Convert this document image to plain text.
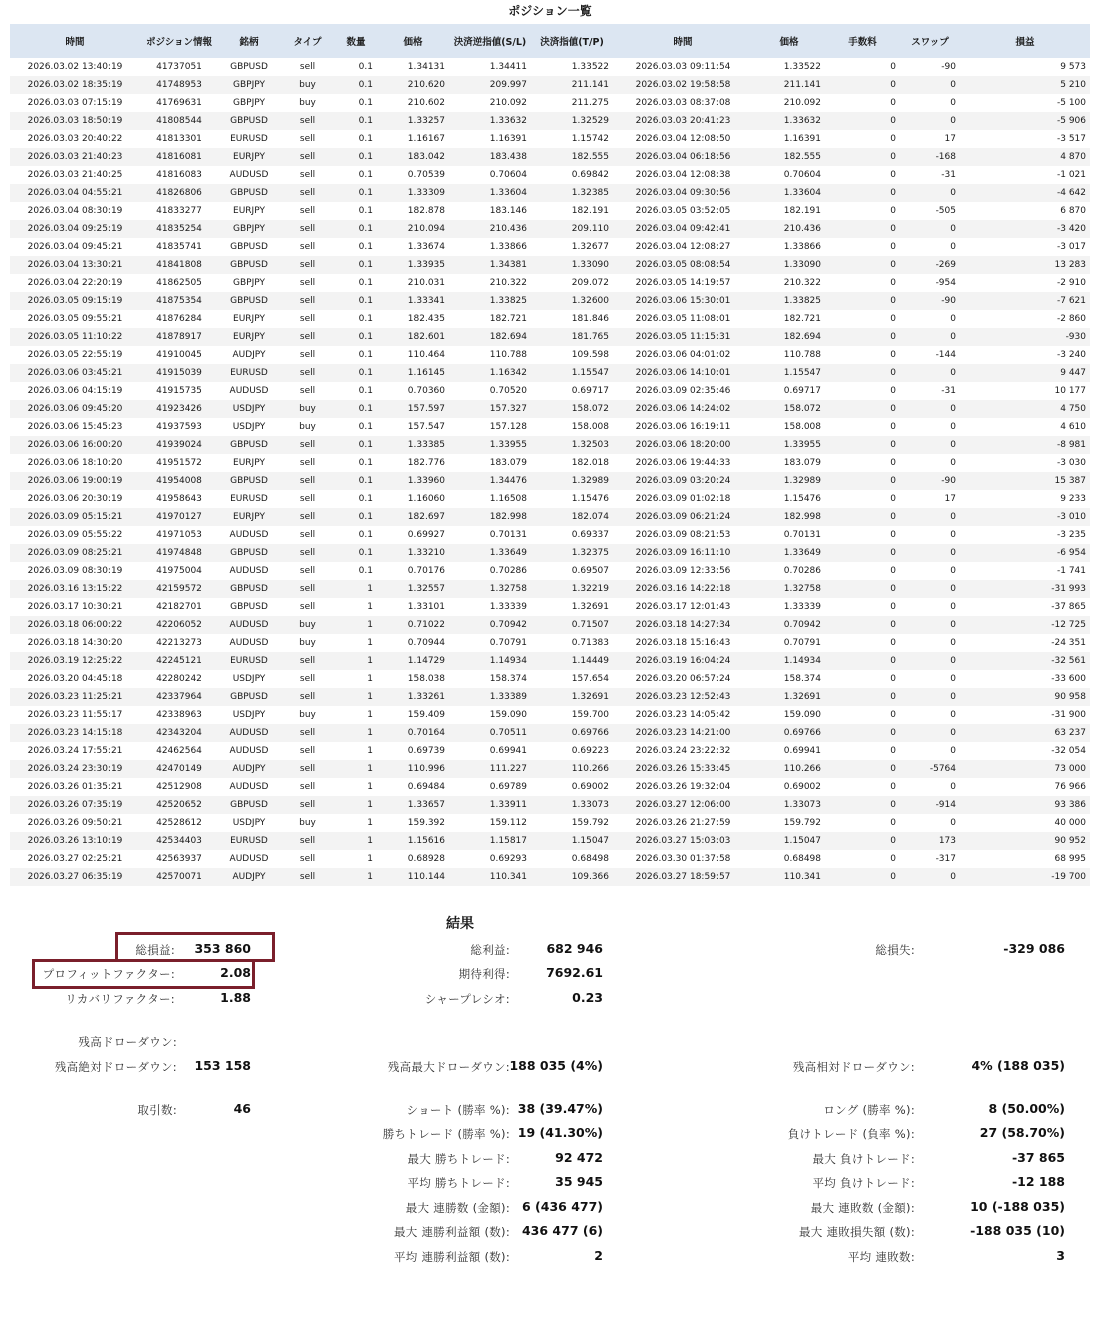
ポジション一覧
時間	ポジション情報	銘柄	タイプ	数量	価格	決済逆指値(S/L)	決済指値(T/P)	時間	価格	手数料	スワップ	損益
2026.03.02 13:40:19	41737051	GBPUSD	sell	0.1	1.34131	1.34411	1.33522	2026.03.03 09:11:54	1.33522	0	-90	9 573
2026.03.02 18:35:19	41748953	GBPJPY	buy	0.1	210.620	209.997	211.141	2026.03.02 19:58:58	211.141	0	0	5 210
2026.03.03 07:15:19	41769631	GBPJPY	buy	0.1	210.602	210.092	211.275	2026.03.03 08:37:08	210.092	0	0	-5 100
2026.03.03 18:50:19	41808544	GBPUSD	sell	0.1	1.33257	1.33632	1.32529	2026.03.03 20:41:23	1.33632	0	0	-5 906
2026.03.03 20:40:22	41813301	EURUSD	sell	0.1	1.16167	1.16391	1.15742	2026.03.04 12:08:50	1.16391	0	17	-3 517
2026.03.03 21:40:23	41816081	EURJPY	sell	0.1	183.042	183.438	182.555	2026.03.04 06:18:56	182.555	0	-168	4 870
2026.03.03 21:40:25	41816083	AUDUSD	sell	0.1	0.70539	0.70604	0.69842	2026.03.04 12:08:38	0.70604	0	-31	-1 021
2026.03.04 04:55:21	41826806	GBPUSD	sell	0.1	1.33309	1.33604	1.32385	2026.03.04 09:30:56	1.33604	0	0	-4 642
2026.03.04 08:30:19	41833277	EURJPY	sell	0.1	182.878	183.146	182.191	2026.03.05 03:52:05	182.191	0	-505	6 870
2026.03.04 09:25:19	41835254	GBPJPY	sell	0.1	210.094	210.436	209.110	2026.03.04 09:42:41	210.436	0	0	-3 420
2026.03.04 09:45:21	41835741	GBPUSD	sell	0.1	1.33674	1.33866	1.32677	2026.03.04 12:08:27	1.33866	0	0	-3 017
2026.03.04 13:30:21	41841808	GBPUSD	sell	0.1	1.33935	1.34381	1.33090	2026.03.05 08:08:54	1.33090	0	-269	13 283
2026.03.04 22:20:19	41862505	GBPJPY	sell	0.1	210.031	210.322	209.072	2026.03.05 14:19:57	210.322	0	-954	-2 910
2026.03.05 09:15:19	41875354	GBPUSD	sell	0.1	1.33341	1.33825	1.32600	2026.03.06 15:30:01	1.33825	0	-90	-7 621
2026.03.05 09:55:21	41876284	EURJPY	sell	0.1	182.435	182.721	181.846	2026.03.05 11:08:01	182.721	0	0	-2 860
2026.03.05 11:10:22	41878917	EURJPY	sell	0.1	182.601	182.694	181.765	2026.03.05 11:15:31	182.694	0	0	-930
2026.03.05 22:55:19	41910045	AUDJPY	sell	0.1	110.464	110.788	109.598	2026.03.06 04:01:02	110.788	0	-144	-3 240
2026.03.06 03:45:21	41915039	EURUSD	sell	0.1	1.16145	1.16342	1.15547	2026.03.06 14:10:01	1.15547	0	0	9 447
2026.03.06 04:15:19	41915735	AUDUSD	sell	0.1	0.70360	0.70520	0.69717	2026.03.09 02:35:46	0.69717	0	-31	10 177
2026.03.06 09:45:20	41923426	USDJPY	buy	0.1	157.597	157.327	158.072	2026.03.06 14:24:02	158.072	0	0	4 750
2026.03.06 15:45:23	41937593	USDJPY	buy	0.1	157.547	157.128	158.008	2026.03.06 16:19:11	158.008	0	0	4 610
2026.03.06 16:00:20	41939024	GBPUSD	sell	0.1	1.33385	1.33955	1.32503	2026.03.06 18:20:00	1.33955	0	0	-8 981
2026.03.06 18:10:20	41951572	EURJPY	sell	0.1	182.776	183.079	182.018	2026.03.06 19:44:33	183.079	0	0	-3 030
2026.03.06 19:00:19	41954008	GBPUSD	sell	0.1	1.33960	1.34476	1.32989	2026.03.09 03:20:24	1.32989	0	-90	15 387
2026.03.06 20:30:19	41958643	EURUSD	sell	0.1	1.16060	1.16508	1.15476	2026.03.09 01:02:18	1.15476	0	17	9 233
2026.03.09 05:15:21	41970127	EURJPY	sell	0.1	182.697	182.998	182.074	2026.03.09 06:21:24	182.998	0	0	-3 010
2026.03.09 05:55:22	41971053	AUDUSD	sell	0.1	0.69927	0.70131	0.69337	2026.03.09 08:21:53	0.70131	0	0	-3 235
2026.03.09 08:25:21	41974848	GBPUSD	sell	0.1	1.33210	1.33649	1.32375	2026.03.09 16:11:10	1.33649	0	0	-6 954
2026.03.09 08:30:19	41975004	AUDUSD	sell	0.1	0.70176	0.70286	0.69507	2026.03.09 12:33:56	0.70286	0	0	-1 741
2026.03.16 13:15:22	42159572	GBPUSD	sell	1	1.32557	1.32758	1.32219	2026.03.16 14:22:18	1.32758	0	0	-31 993
2026.03.17 10:30:21	42182701	GBPUSD	sell	1	1.33101	1.33339	1.32691	2026.03.17 12:01:43	1.33339	0	0	-37 865
2026.03.18 06:00:22	42206052	AUDUSD	buy	1	0.71022	0.70942	0.71507	2026.03.18 14:27:34	0.70942	0	0	-12 725
2026.03.18 14:30:20	42213273	AUDUSD	buy	1	0.70944	0.70791	0.71383	2026.03.18 15:16:43	0.70791	0	0	-24 351
2026.03.19 12:25:22	42245121	EURUSD	sell	1	1.14729	1.14934	1.14449	2026.03.19 16:04:24	1.14934	0	0	-32 561
2026.03.20 04:45:18	42280242	USDJPY	sell	1	158.038	158.374	157.654	2026.03.20 06:57:24	158.374	0	0	-33 600
2026.03.23 11:25:21	42337964	GBPUSD	sell	1	1.33261	1.33389	1.32691	2026.03.23 12:52:43	1.32691	0	0	90 958
2026.03.23 11:55:17	42338963	USDJPY	buy	1	159.409	159.090	159.700	2026.03.23 14:05:42	159.090	0	0	-31 900
2026.03.23 14:15:18	42343204	AUDUSD	sell	1	0.70164	0.70511	0.69766	2026.03.23 14:21:00	0.69766	0	0	63 237
2026.03.24 17:55:21	42462564	AUDUSD	sell	1	0.69739	0.69941	0.69223	2026.03.24 23:22:32	0.69941	0	0	-32 054
2026.03.24 23:30:19	42470149	AUDJPY	sell	1	110.996	111.227	110.266	2026.03.26 15:33:45	110.266	0	-5764	73 000
2026.03.26 01:35:21	42512908	AUDUSD	sell	1	0.69484	0.69789	0.69002	2026.03.26 19:32:04	0.69002	0	0	76 966
2026.03.26 07:35:19	42520652	GBPUSD	sell	1	1.33657	1.33911	1.33073	2026.03.27 12:06:00	1.33073	0	-914	93 386
2026.03.26 09:50:21	42528612	USDJPY	buy	1	159.392	159.112	159.792	2026.03.26 21:27:59	159.792	0	0	40 000
2026.03.26 13:10:19	42534403	EURUSD	sell	1	1.15616	1.15817	1.15047	2026.03.27 15:03:03	1.15047	0	173	90 952
2026.03.27 02:25:21	42563937	AUDUSD	sell	1	0.68928	0.69293	0.68498	2026.03.30 01:37:58	0.68498	0	-317	68 995
2026.03.27 06:35:19	42570071	AUDJPY	sell	1	110.144	110.341	109.366	2026.03.27 18:59:57	110.341	0	0	-19 700
結果
総損益: 353 860
プロフィットファクター:	2.08
リカバリファクター:	1.88
総利益:	682 946
期待利得:	7692.61
シャープレシオ:	0.23
総損失:	-329 086
残高ドローダウン:
残高絶対ドローダウン: 153 158	残高最大ドローダウン: 188 035 (4%)	残高相対ドローダウン:	4% (188 035)
取引数:	46	ショート (勝率 %): 38 (39.47%)	ロング (勝率 %):	8 (50.00%)
勝ちトレード (勝率 %): 19 (41.30%)	負けトレード (負率 %):	27 (58.70%)
最大 勝ちトレード:	92 472	最大 負けトレード:	-37 865
平均 勝ちトレード:	35 945	平均 負けトレード:	-12 188
最大 連勝数 (金額): 6 (436 477)	最大 連敗数 (金額):	10 (-188 035)
最大 連勝利益額 (数): 436 477 (6)	最大 連敗損失額 (数):	-188 035 (10)
平均 連勝利益額 (数):	2	平均 連敗数:	3
